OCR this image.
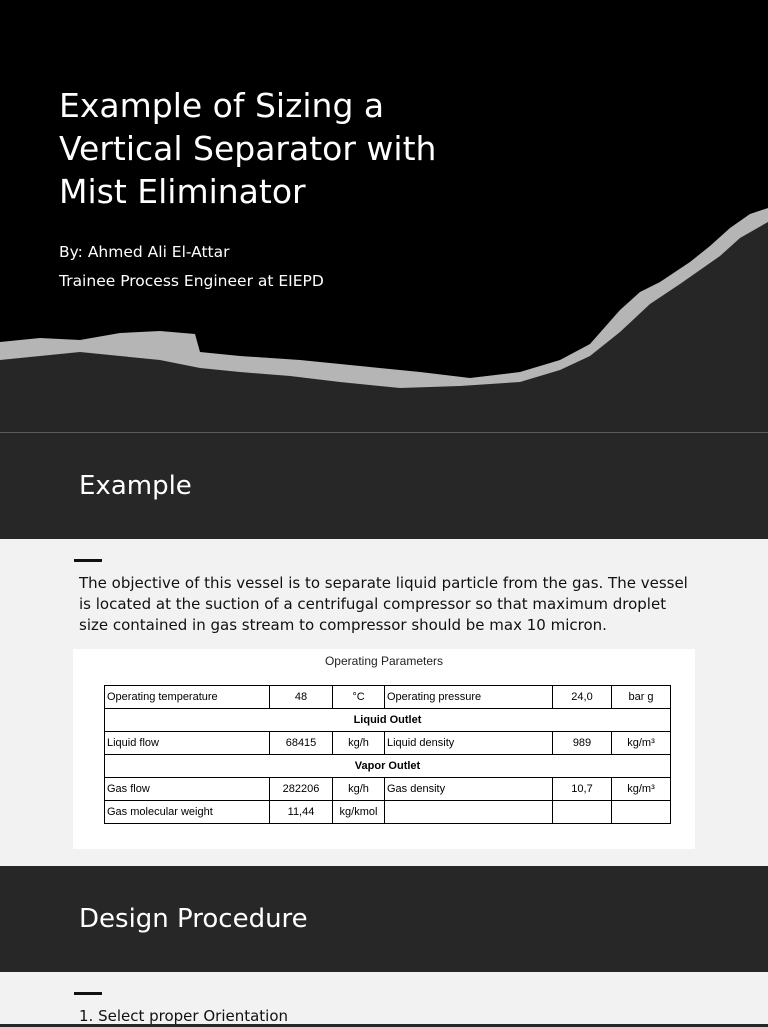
Example of Sizing a Vertical Separator with Mist Eliminator
By: Ahmed Ali El-Attar
Trainee Process Engineer at EIEPD
Example

The objective of this vessel is to separate liquid particle from the gas. The vessel is located at the suction of a centrifugal compressor so that maximum droplet size contained in gas stream to compressor should be max 10 micron.

Operating Parameters
Operating temperature	48	°C	Operating pressure	24,0	bar g
Liquid Outlet					
Liquid flow	68415	kg/h	Liquid density	989	kg/m³
Vapor Outlet					
Gas flow	282206	kg/h	Gas density	10,7	kg/m³
Gas molecular weight	11,44	kg/kmol			
Design Procedure

1. Select proper Orientation
